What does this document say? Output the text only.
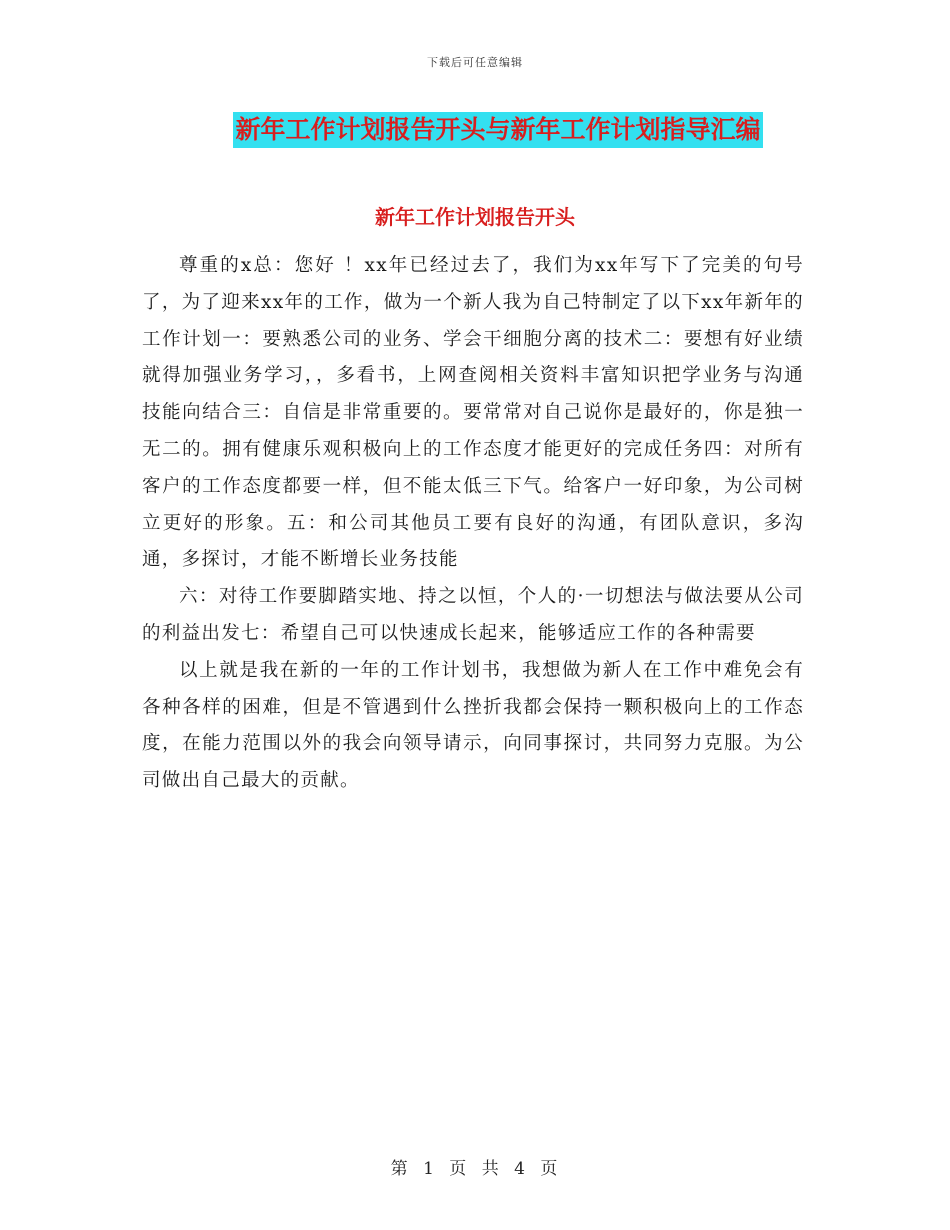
下载后可任意编辑
新年工作计划报告开头与新年工作计划指导汇编
新年工作计划报告开头

尊重的x总：您好 ！xx年已经过去了，我们为xx年写下了完美的句号了，为了迎来xx年的工作，做为一个新人我为自己特制定了以下xx年新年的工作计划一：要熟悉公司的业务、学会干细胞分离的技术二：要想有好业绩就得加强业务学习，，多看书，上网查阅相关资料丰富知识把学业务与沟通技能向结合三：自信是非常重要的。要常常对自己说你是最好的，你是独一无二的。拥有健康乐观积极向上的工作态度才能更好的完成任务四：对所有客户的工作态度都要一样，但不能太低三下气。给客户一好印象，为公司树立更好的形象。五：和公司其他员工要有良好的沟通，有团队意识，多沟通，多探讨，才能不断增长业务技能

六：对待工作要脚踏实地、持之以恒，个人的·一切想法与做法要从公司的利益出发七：希望自己可以快速成长起来，能够适应工作的各种需要

以上就是我在新的一年的工作计划书，我想做为新人在工作中难免会有各种各样的困难，但是不管遇到什么挫折我都会保持一颗积极向上的工作态度，在能力范围以外的我会向领导请示，向同事探讨，共同努力克服。为公司做出自己最大的贡献。

第 1 页 共 4 页
